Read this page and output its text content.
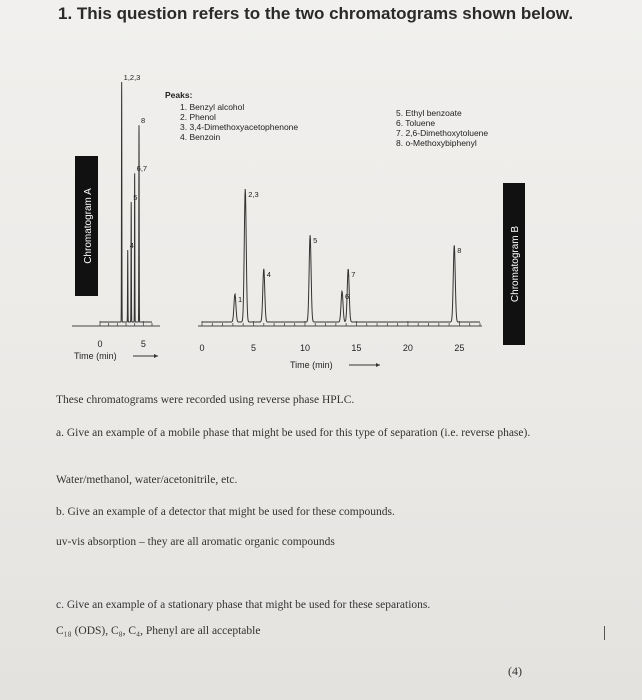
1. This question refers to the two chromatograms shown below.
Chromatogram A	Chromatogram B
0	5
1,2,3
4
5
6,7
8
Time (min)
0	5	10	15	20	25
1
2,3
4
5
6
7
8
Time (min)
Peaks:
1. Benzyl alcohol
2. Phenol
3. 3,4-Dimethoxyacetophenone
4. Benzoin
5. Ethyl benzoate
6. Toluene
7. 2,6-Dimethoxytoluene
8. o-Methoxybiphenyl
These chromatograms were recorded using reverse phase HPLC.
a. Give an example of a mobile phase that might be used for this type of separation (i.e. reverse phase).
Water/methanol, water/acetonitrile, etc.
b. Give an example of a detector that might be used for these compounds.
uv-vis absorption – they are all aromatic organic compounds
c. Give an example of a stationary phase that might be used for these separations.
C₁₈ (ODS), C₈, C₄, Phenyl are all acceptable
(4)
